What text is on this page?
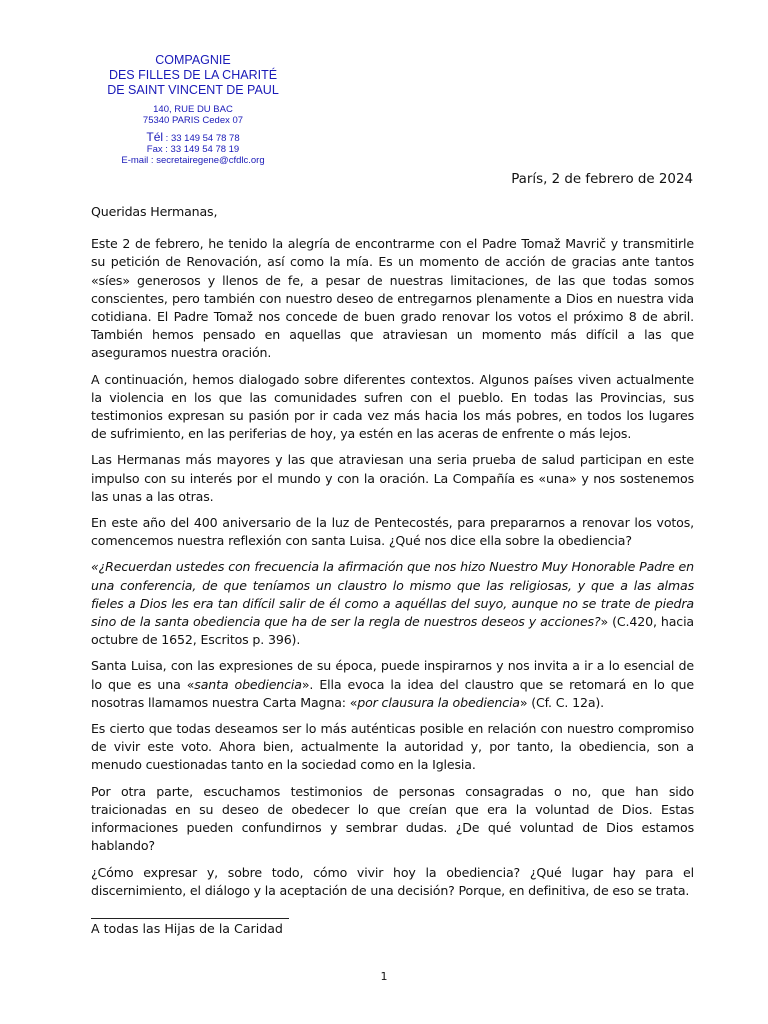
COMPAGNIE
DES FILLES DE LA CHARITÉ
DE SAINT VINCENT DE PAUL
140, RUE DU BAC
75340 PARIS Cedex 07
Tél : 33 149 54 78 78
Fax : 33 149 54 78 19
E-mail : secretairegene@cfdlc.org
París, 2 de febrero de 2024

Queridas Hermanas,

Este 2 de febrero, he tenido la alegría de encontrarme con el Padre Tomaž Mavrič y transmitirle su petición de Renovación, así como la mía. Es un momento de acción de gracias ante tantos «síes» generosos y llenos de fe, a pesar de nuestras limitaciones, de las que todas somos conscientes, pero también con nuestro deseo de entregarnos plenamente a Dios en nuestra vida cotidiana. El Padre Tomaž nos concede de buen grado renovar los votos el próximo 8 de abril. También hemos pensado en aquellas que atraviesan un momento más difícil a las que aseguramos nuestra oración.

A continuación, hemos dialogado sobre diferentes contextos. Algunos países viven actualmente la violencia en los que las comunidades sufren con el pueblo. En todas las Provincias, sus testimonios expresan su pasión por ir cada vez más hacia los más pobres, en todos los lugares de sufrimiento, en las periferias de hoy, ya estén en las aceras de enfrente o más lejos.

Las Hermanas más mayores y las que atraviesan una seria prueba de salud participan en este impulso con su interés por el mundo y con la oración. La Compañía es «una» y nos sostenemos las unas a las otras.

En este año del 400 aniversario de la luz de Pentecostés, para prepararnos a renovar los votos, comencemos nuestra reflexión con santa Luisa. ¿Qué nos dice ella sobre la obediencia?

«¿Recuerdan ustedes con frecuencia la afirmación que nos hizo Nuestro Muy Honorable Padre en una conferencia, de que teníamos un claustro lo mismo que las religiosas, y que a las almas fieles a Dios les era tan difícil salir de él como a aquéllas del suyo, aunque no se trate de piedra sino de la santa obediencia que ha de ser la regla de nuestros deseos y acciones?» (C.420, hacia octubre de 1652, Escritos p. 396).

Santa Luisa, con las expresiones de su época, puede inspirarnos y nos invita a ir a lo esencial de lo que es una «santa obediencia». Ella evoca la idea del claustro que se retomará en lo que nosotras llamamos nuestra Carta Magna: «por clausura la obediencia» (Cf. C. 12a).

Es cierto que todas deseamos ser lo más auténticas posible en relación con nuestro compromiso de vivir este voto. Ahora bien, actualmente la autoridad y, por tanto, la obediencia, son a menudo cuestionadas tanto en la sociedad como en la Iglesia.

Por otra parte, escuchamos testimonios de personas consagradas o no, que han sido traicionadas en su deseo de obedecer lo que creían que era la voluntad de Dios. Estas informaciones pueden confundirnos y sembrar dudas. ¿De qué voluntad de Dios estamos hablando?

¿Cómo expresar y, sobre todo, cómo vivir hoy la obediencia? ¿Qué lugar hay para el discernimiento, el diálogo y la aceptación de una decisión? Porque, en definitiva, de eso se trata.

A todas las Hijas de la Caridad
1
